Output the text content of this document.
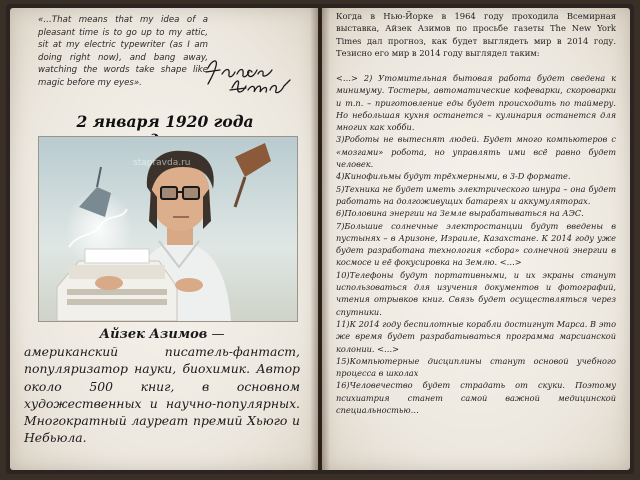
«…That means that my idea of a pleasant time is to go up to my attic, sit at my electric typewriter (as I am doing right now), and bang away, watching the words take shape like magic before my eyes».

2 января 1920 года
stapravda.ru
Айзек Азимов —
американский писатель-фантаст, популяризатор науки, биохимик. Автор около 500 книг, в основном художественных и научно-популярных. Многократный лауреат премий Хьюго и Небьюла.

Когда в Нью-Йорке в 1964 году проходила Всемирная выставка, Айзек Азимов по просьбе газеты The New York Times дал прогноз, как будет выглядеть мир в 2014 году. Тезисно его мир в 2014 году выглядел таким:

<…> 2) Утомительная бытовая работа будет сведена к минимуму. Тостеры, автоматические кофеварки, скороварки и т.п. – приготовление еды будет происходить по таймеру. Но небольшая кухня останется – кулинария останется для многих как хобби.
3)Роботы не вытеснят людей. Будет много компьютеров с «мозгами» робота, но управлять ими всё равно будет человек.
4)Кинофильмы будут трёхмерными, в 3-D формате.
5)Техника не будет иметь электрического шнура – она будет работать на долгоживущих батареях и аккумуляторах.
6)Половина энергии на Земле вырабатываться на АЭС.
7)Большие солнечные электростанции будут введены в пустынях – в Аризоне, Израиле, Казахстане. К 2014 году уже будет разработана технология «сбора» солнечной энергии в космосе и её фокусировка на Землю. <…>
10)Телефоны будут портативными, и их экраны станут использоваться для изучения документов и фотографий, чтения отрывков книг. Связь будет осуществляться через спутники.
11)К 2014 году беспилотные корабли достигнут Марса. В это же время будет разрабатываться программа марсианской колонии. <…>
15)Компьютерные дисциплины станут основой учебного процесса в школах
16)Человечество будет страдать от скуки. Поэтому психиатрия станет самой важной медицинской специальностью…
